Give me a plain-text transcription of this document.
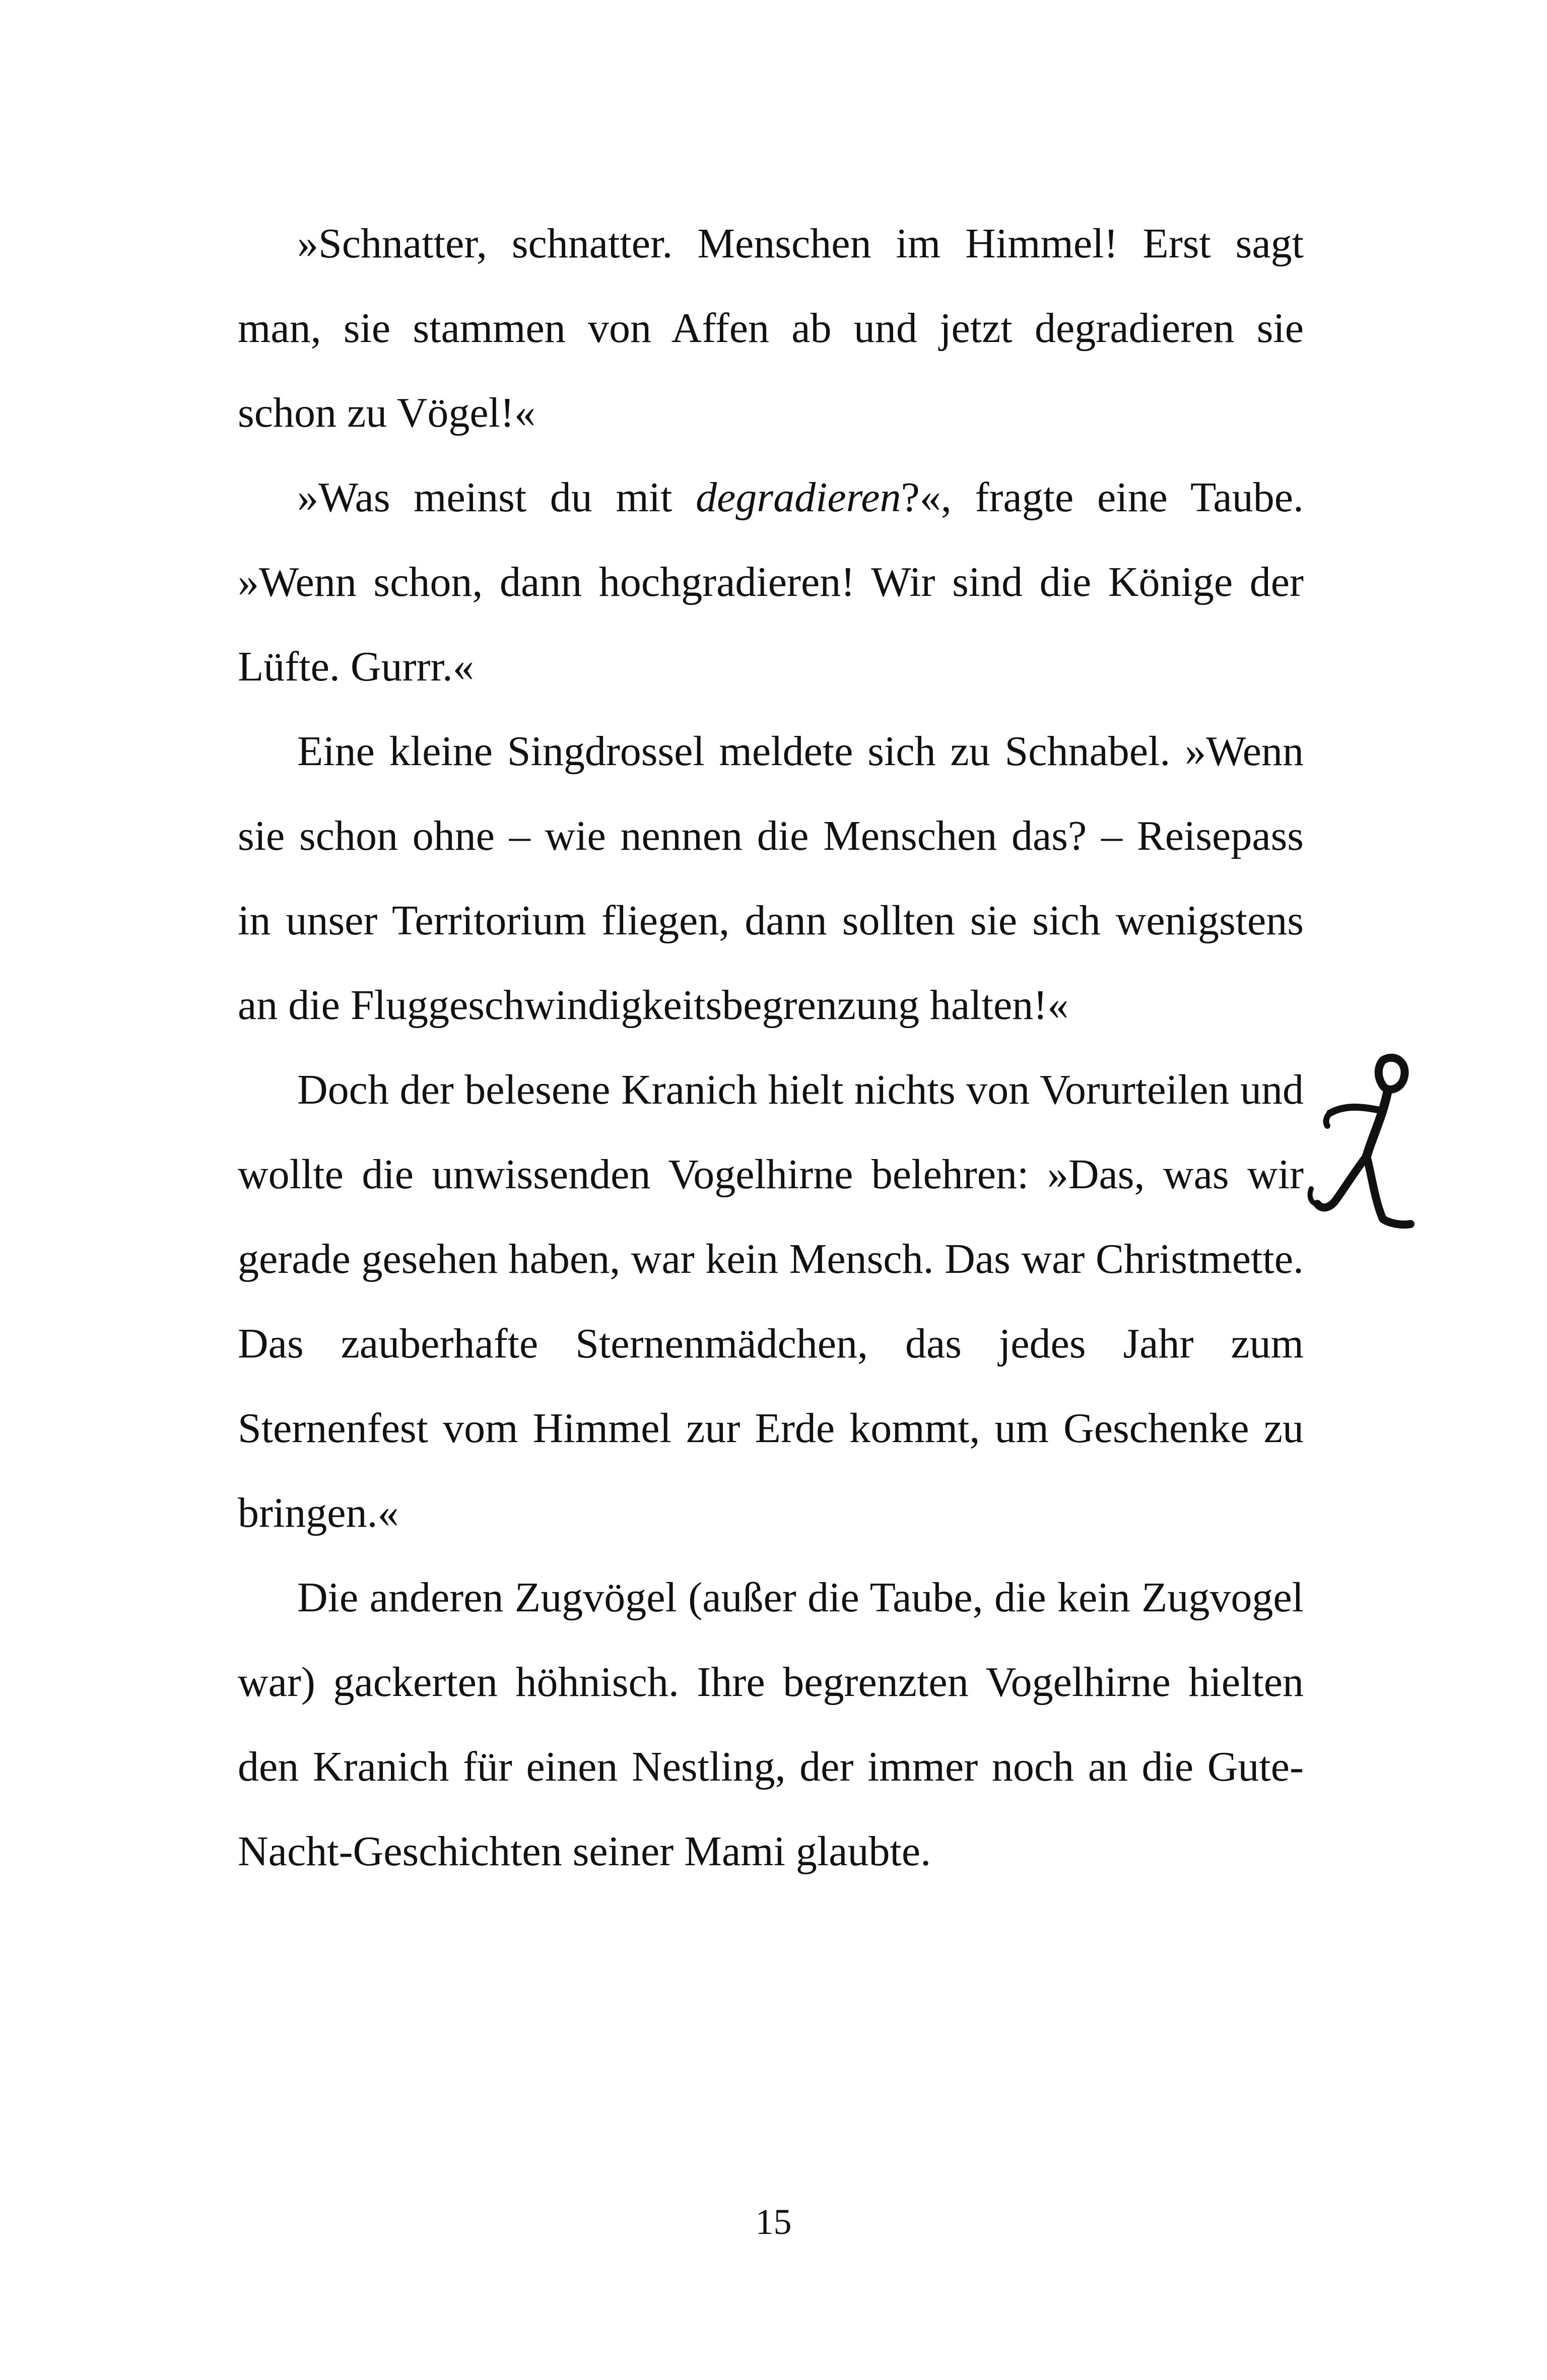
»Schnatter, schnatter. Menschen im Himmel! Erst sagt man, sie stammen von Affen ab und jetzt degradieren sie schon zu Vögel!«

»Was meinst du mit degradieren?«, fragte eine Taube. »Wenn schon, dann hochgradieren! Wir sind die Könige der Lüfte. Gurrr.«

Eine kleine Singdrossel meldete sich zu Schnabel. »Wenn sie schon ohne – wie nennen die Menschen das? – Reisepass in unser Territorium fliegen, dann sollten sie sich wenigstens an die Fluggeschwindigkeitsbegrenzung halten!«

Doch der belesene Kranich hielt nichts von Vorurteilen und wollte die unwissenden Vogelhirne belehren: »Das, was wir gerade gesehen haben, war kein Mensch. Das war Christmette. Das zauberhafte Sternenmädchen, das jedes Jahr zum Sternenfest vom Himmel zur Erde kommt, um Geschenke zu bringen.«

Die anderen Zugvögel (außer die Taube, die kein Zugvogel war) gackerten höhnisch. Ihre begrenzten Vogelhirne hielten den Kranich für einen Nestling, der immer noch an die Gute-Nacht-Geschichten seiner Mami glaubte.

15
